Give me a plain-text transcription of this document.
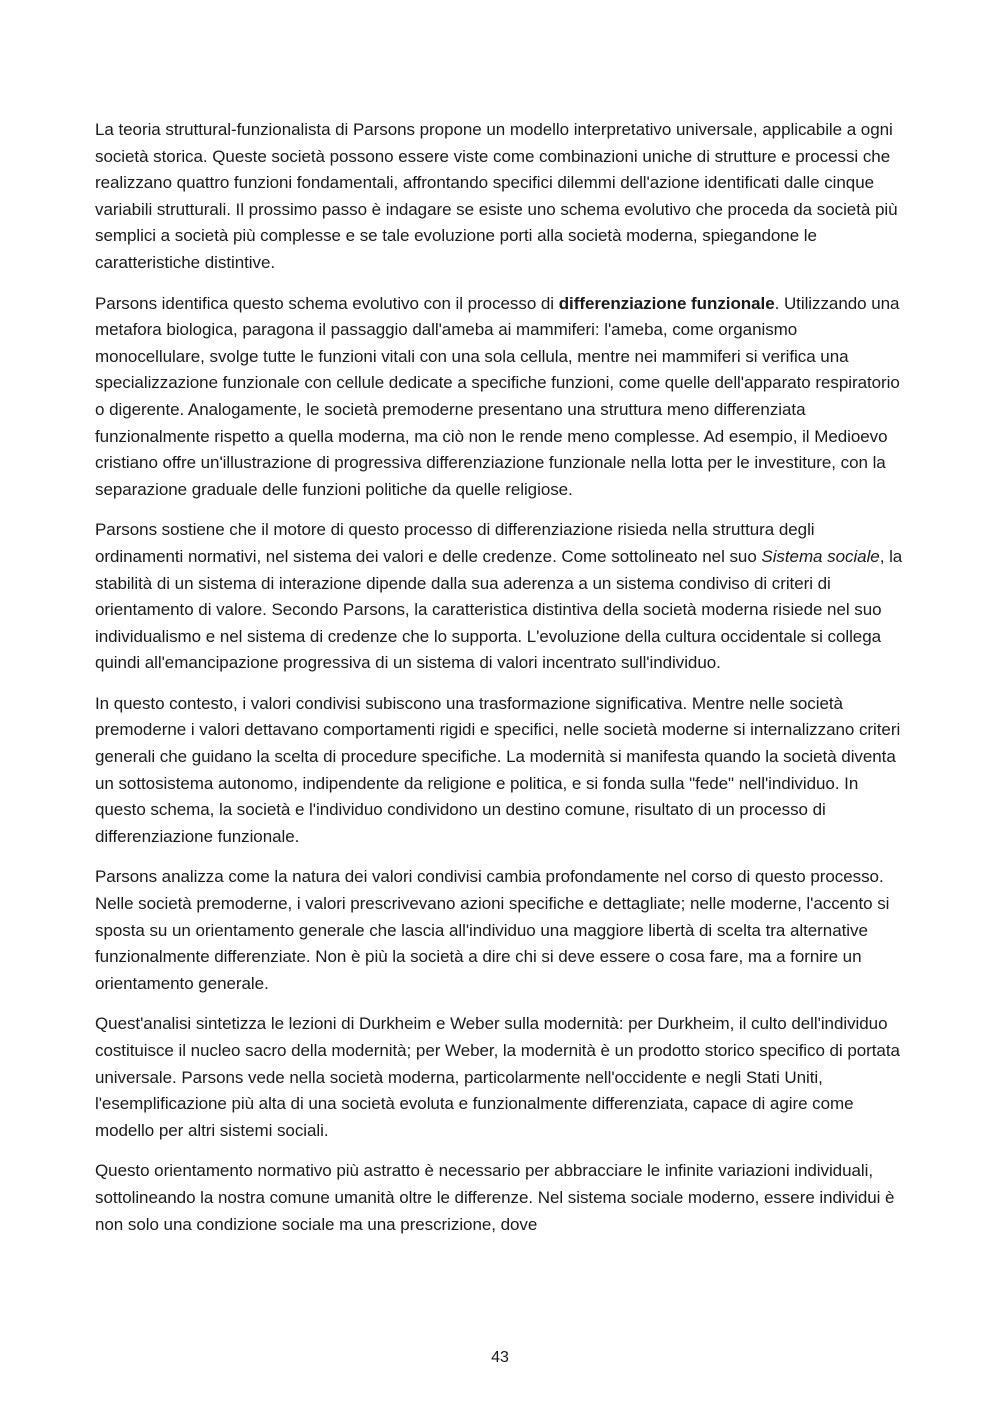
La teoria struttural-funzionalista di Parsons propone un modello interpretativo universale, applicabile a ogni società storica. Queste società possono essere viste come combinazioni uniche di strutture e processi che realizzano quattro funzioni fondamentali, affrontando specifici dilemmi dell'azione identificati dalle cinque variabili strutturali. Il prossimo passo è indagare se esiste uno schema evolutivo che proceda da società più semplici a società più complesse e se tale evoluzione porti alla società moderna, spiegandone le caratteristiche distintive.

Parsons identifica questo schema evolutivo con il processo di differenziazione funzionale. Utilizzando una metafora biologica, paragona il passaggio dall'ameba ai mammiferi: l'ameba, come organismo monocellulare, svolge tutte le funzioni vitali con una sola cellula, mentre nei mammiferi si verifica una specializzazione funzionale con cellule dedicate a specifiche funzioni, come quelle dell'apparato respiratorio o digerente. Analogamente, le società premoderne presentano una struttura meno differenziata funzionalmente rispetto a quella moderna, ma ciò non le rende meno complesse. Ad esempio, il Medioevo cristiano offre un'illustrazione di progressiva differenziazione funzionale nella lotta per le investiture, con la separazione graduale delle funzioni politiche da quelle religiose.

Parsons sostiene che il motore di questo processo di differenziazione risieda nella struttura degli ordinamenti normativi, nel sistema dei valori e delle credenze. Come sottolineato nel suo Sistema sociale, la stabilità di un sistema di interazione dipende dalla sua aderenza a un sistema condiviso di criteri di orientamento di valore. Secondo Parsons, la caratteristica distintiva della società moderna risiede nel suo individualismo e nel sistema di credenze che lo supporta. L'evoluzione della cultura occidentale si collega quindi all'emancipazione progressiva di un sistema di valori incentrato sull'individuo.

In questo contesto, i valori condivisi subiscono una trasformazione significativa. Mentre nelle società premoderne i valori dettavano comportamenti rigidi e specifici, nelle società moderne si internalizzano criteri generali che guidano la scelta di procedure specifiche. La modernità si manifesta quando la società diventa un sottosistema autonomo, indipendente da religione e politica, e si fonda sulla "fede" nell'individuo. In questo schema, la società e l'individuo condividono un destino comune, risultato di un processo di differenziazione funzionale.

Parsons analizza come la natura dei valori condivisi cambia profondamente nel corso di questo processo. Nelle società premoderne, i valori prescrivevano azioni specifiche e dettagliate; nelle moderne, l'accento si sposta su un orientamento generale che lascia all'individuo una maggiore libertà di scelta tra alternative funzionalmente differenziate. Non è più la società a dire chi si deve essere o cosa fare, ma a fornire un orientamento generale.

Quest'analisi sintetizza le lezioni di Durkheim e Weber sulla modernità: per Durkheim, il culto dell'individuo costituisce il nucleo sacro della modernità; per Weber, la modernità è un prodotto storico specifico di portata universale. Parsons vede nella società moderna, particolarmente nell'occidente e negli Stati Uniti, l'esemplificazione più alta di una società evoluta e funzionalmente differenziata, capace di agire come modello per altri sistemi sociali.

Questo orientamento normativo più astratto è necessario per abbracciare le infinite variazioni individuali, sottolineando la nostra comune umanità oltre le differenze. Nel sistema sociale moderno, essere individui è non solo una condizione sociale ma una prescrizione, dove

43
